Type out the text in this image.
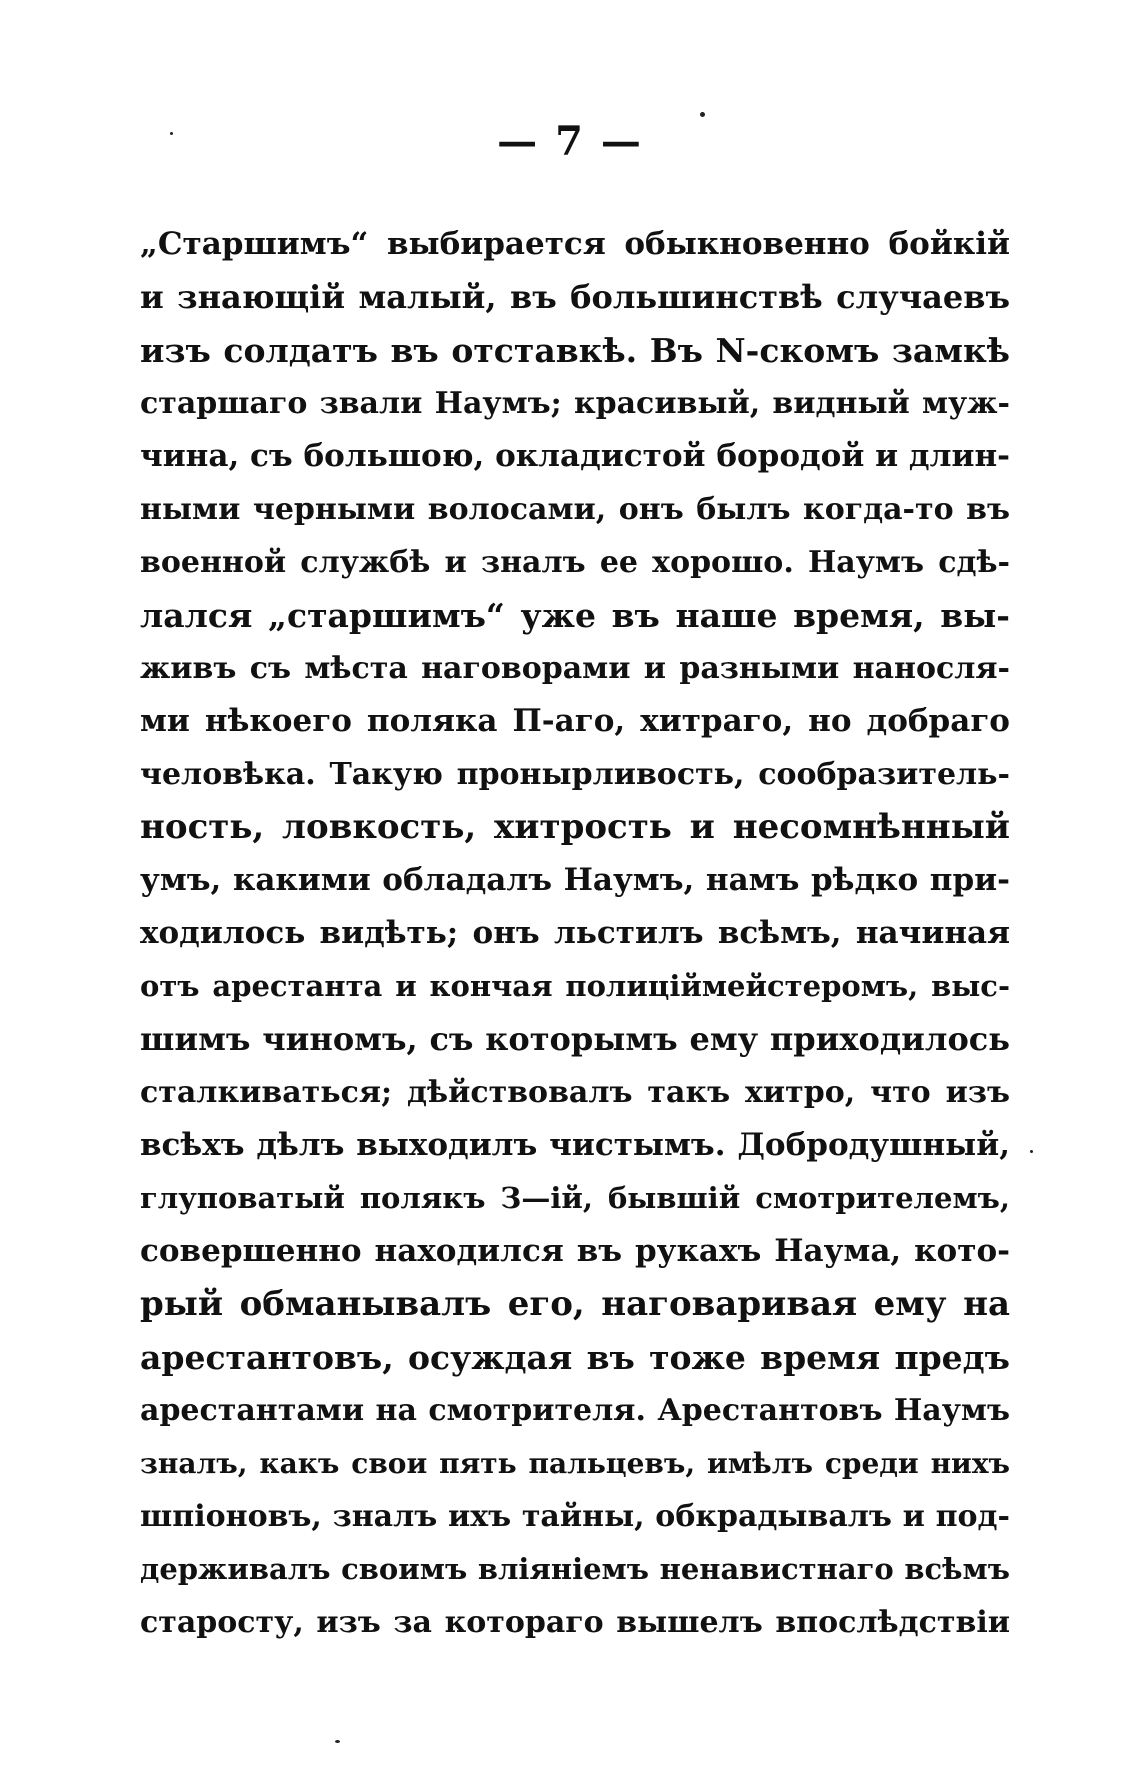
— 7 —
„Старшимъ“ выбирается обыкновенно бойкій
и знающій малый, въ большинствѣ случаевъ
изъ солдатъ въ отставкѣ. Въ N-скомъ замкѣ
старшаго звали Наумъ; красивый, видный муж-
чина, съ большою, окладистой бородой и длин-
ными черными волосами, онъ былъ когда-то въ
военной службѣ и зналъ ее хорошо. Наумъ сдѣ-
лался „старшимъ“ уже въ наше время, вы-
живъ съ мѣста наговорами и разными наносля-
ми нѣкоего поляка П-аго, хитраго, но добраго
человѣка. Такую пронырливость, сообразитель-
ность, ловкость, хитрость и несомнѣнный
умъ, какими обладалъ Наумъ, намъ рѣдко при-
ходилось видѣть; онъ льстилъ всѣмъ, начиная
отъ арестанта и кончая полиціймейстеромъ, выс-
шимъ чиномъ, съ которымъ ему приходилось
сталкиваться; дѣйствовалъ такъ хитро, что изъ
всѣхъ дѣлъ выходилъ чистымъ. Добродушный,
глуповатый полякъ З—ій, бывшій смотрителемъ,
совершенно находился въ рукахъ Наума, кото-
рый обманывалъ его, наговаривая ему на
арестантовъ, осуждая въ тоже время предъ
арестантами на смотрителя. Арестантовъ Наумъ
зналъ, какъ свои пять пальцевъ, имѣлъ среди нихъ
шпіоновъ, зналъ ихъ тайны, обкрадывалъ и под-
держивалъ своимъ вліяніемъ ненавистнаго всѣмъ
старосту, изъ за котораго вышелъ впослѣдствіи
